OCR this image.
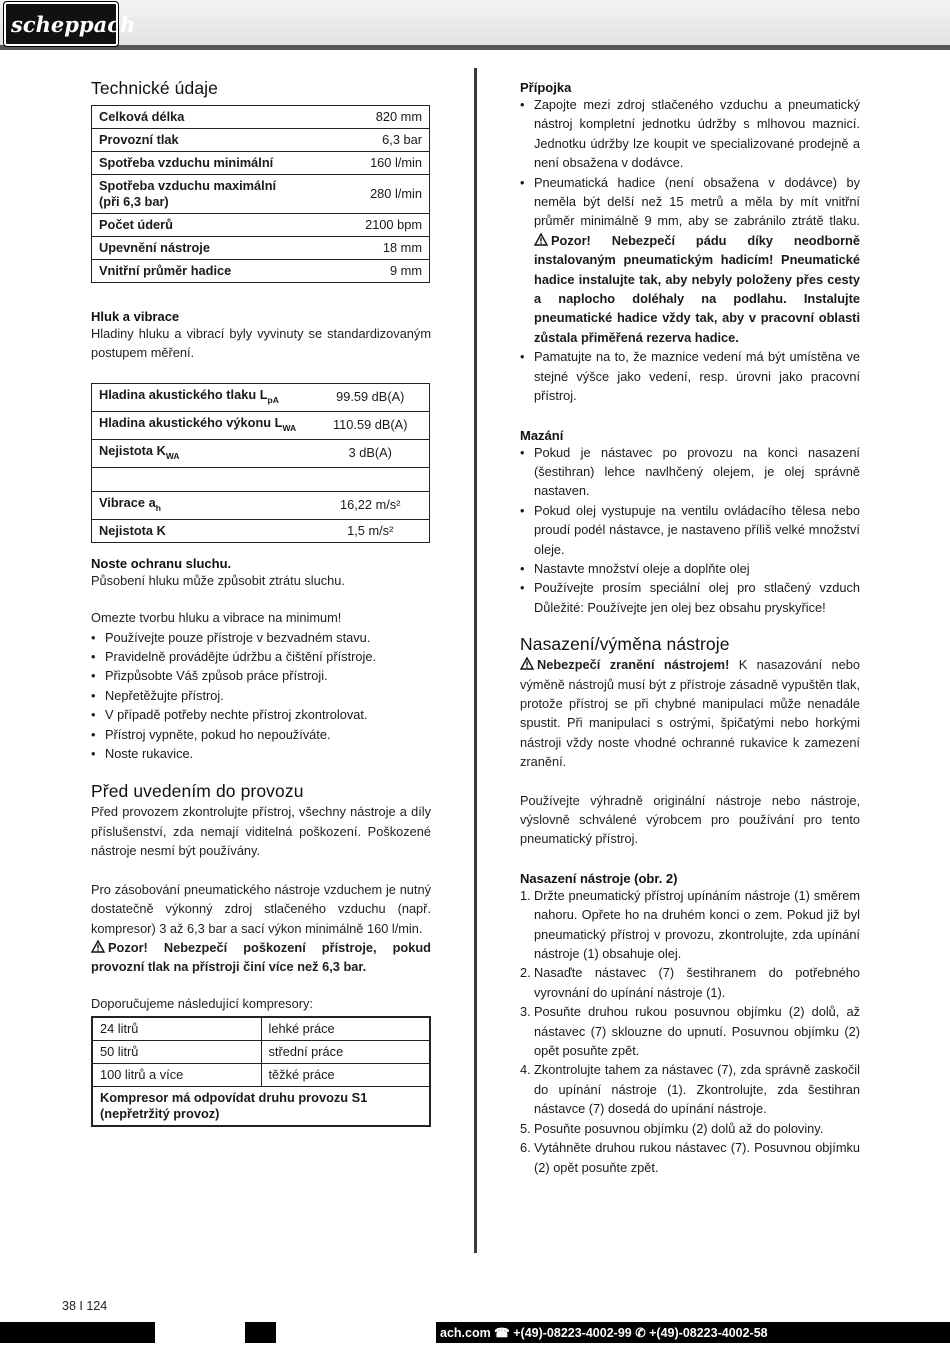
scheppach
Technické údaje
Celková délka	820 mm
Provozní tlak	6,3 bar
Spotřeba vzduchu minimální	160 l/min
Spotřeba vzduchu maximální (při 6,3 bar)	280 l/min
Počet úderů	2100 bpm
Upevnění nástroje	18 mm
Vnitřní průměr hadice	9 mm
Hluk a vibrace
Hladiny hluku a vibrací byly vyvinuty se standardizovaným postupem měření.
Hladina akustického tlaku $L_{pA}$	99.59 dB(A)
Hladina akustického výkonu $L_{WA}$	110.59 dB(A)
Nejistota $K_{WA}$	3 dB(A)

Vibrace $a_h$	16,22 m/s²
Nejistota K	1,5 m/s²
Noste ochranu sluchu.
Působení hluku může způsobit ztrátu sluchu.
Omezte tvorbu hluku a vibrace na minimum!
• Používejte pouze přístroje v bezvadném stavu.
• Pravidelně provádějte údržbu a čištění přístroje.
• Přizpůsobte Váš způsob práce přístroji.
• Nepřetěžujte přístroj.
• V případě potřeby nechte přístroj zkontrolovat.
• Přístroj vypněte, pokud ho nepoužíváte.
• Noste rukavice.
Před uvedením do provozu
Před provozem zkontrolujte přístroj, všechny nástroje a díly příslušenství, zda nemají viditelná poškození. Poškozené nástroje nesmí být používány.
Pro zásobování pneumatického nástroje vzduchem je nutný dostatečně výkonný zdroj stlačeného vzduchu (např. kompresor) 3 až 6,3 bar a sací výkon minimálně 160 l/min.
Pozor! Nebezpečí poškození přístroje, pokud provozní tlak na přístroji činí více než 6,3 bar.
Doporučujeme následující kompresory:
24 litrů	lehké práce
50 litrů	střední práce
100 litrů a více	těžké práce
Kompresor má odpovídat druhu provozu S1 (nepřetržitý provoz)	
Přípojka
• Zapojte mezi zdroj stlačeného vzduchu a pneumatický nástroj kompletní jednotku údržby s mlhovou maznicí. Jednotku údržby lze koupit ve specializované prodejně a není obsažena v dodávce.
• Pneumatická hadice (není obsažena v dodávce) by neměla být delší než 15 metrů a měla by mít vnitřní průměr minimálně 9 mm, aby se zabránilo ztrátě tlaku. Pozor! Nebezpečí pádu díky neodborně instalovaným pneumatickým hadicím! Pneumatické hadice instalujte tak, aby nebyly položeny přes cesty a naplocho doléhaly na podlahu. Instalujte pneumatické hadice vždy tak, aby v pracovní oblasti zůstala přiměřená rezerva hadice.
• Pamatujte na to, že maznice vedení má být umístěna ve stejné výšce jako vedení, resp. úrovni jako pracovní přístroj.
Mazání
• Pokud je nástavec po provozu na konci nasazení (šestihran) lehce navlhčený olejem, je olej správně nastaven.
• Pokud olej vystupuje na ventilu ovládacího tělesa nebo proudí podél nástavce, je nastaveno příliš velké množství oleje.
• Nastavte množství oleje a doplňte olej
• Používejte prosím speciální olej pro stlačený vzduch Důležité: Používejte jen olej bez obsahu pryskyřice!
Nasazení/výměna nástroje
Nebezpečí zranění nástrojem! K nasazování nebo výměně nástrojů musí být z přístroje zásadně vypuštěn tlak, protože přístroj se při chybné manipulaci může nenadále spustit. Při manipulaci s ostrými, špičatými nebo horkými nástroji vždy noste vhodné ochranné rukavice k zamezení zranění.
Používejte výhradně originální nástroje nebo nástroje, výslovně schválené výrobcem pro používání pro tento pneumatický přístroj.
Nasazení nástroje (obr. 2)
1. Držte pneumatický přístroj upínáním nástroje (1) směrem nahoru. Opřete ho na druhém konci o zem. Pokud již byl pneumatický přístroj v provozu, zkontrolujte, zda upínání nástroje (1) obsahuje olej.
2. Nasaďte nástavec (7) šestihranem do potřebného vyrovnání do upínání nástroje (1).
3. Posuňte druhou rukou posuvnou objímku (2) dolů, až nástavec (7) sklouzne do upnutí. Posuvnou objímku (2) opět posuňte zpět.
4. Zkontrolujte tahem za nástavec (7), zda správně zaskočil do upínání nástroje (1). Zkontrolujte, zda šestihran nástavce (7) dosedá do upínání nástroje.
5. Posuňte posuvnou objímku (2) dolů až do poloviny.
6. Vytáhněte druhou rukou nástavec (7). Posuvnou objímku (2) opět posuňte zpět.
38 I 124
ach.com ☎ +(49)-08223-4002-99 ✆ +(49)-08223-4002-58
